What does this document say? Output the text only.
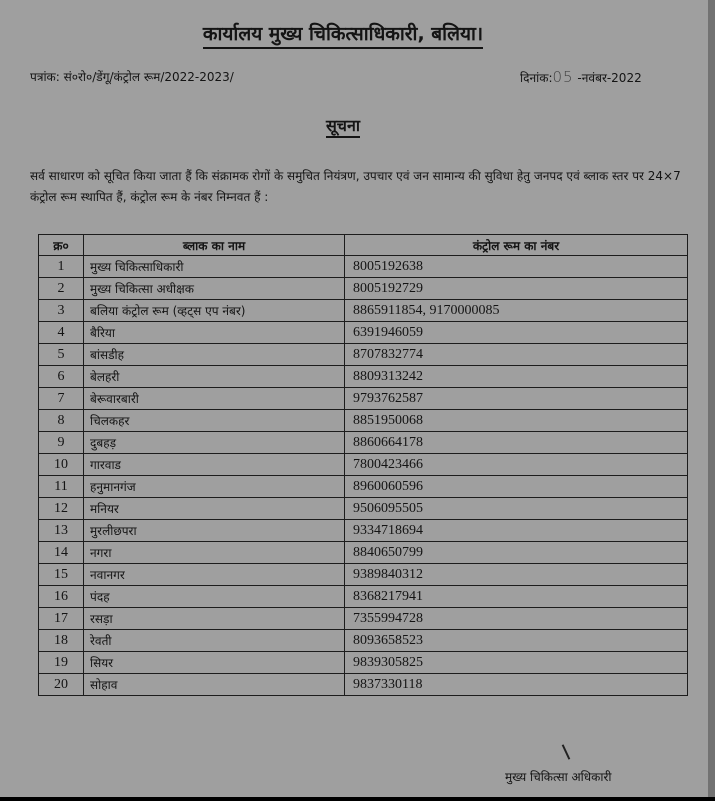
कार्यालय मुख्य चिकित्साधिकारी, बलिया।
पत्रांक: सं०रो०/डेंगू/कंट्रोल रूम/2022-2023/	दिनांक:05 -नवंबर-2022
सूचना
सर्व साधारण को सूचित किया जाता हैं कि संक्रामक रोगों के समुचित नियंत्रण, उपचार एवं जन सामान्य की सुविधा हेतु जनपद एवं ब्लाक स्तर पर 24×7 कंट्रोल रूम स्थापित हैं, कंट्रोल रूम के नंबर निम्नवत हैं :
क्र०	ब्लाक का नाम	कंट्रोल रूम का नंबर
1	मुख्य चिकित्साधिकारी	8005192638
2	मुख्य चिकित्सा अधीक्षक	8005192729
3	बलिया कंट्रोल रूम (व्हट्स एप नंबर)	8865911854, 9170000085
4	बैरिया	6391946059
5	बांसडीह	8707832774
6	बेलहरी	8809313242
7	बेरूवारबारी	9793762587
8	चिलकहर	8851950068
9	दुबहड़	8860664178
10	गारवाड	7800423466
11	हनुमानगंज	8960060596
12	मनियर	9506095505
13	मुरलीछपरा	9334718694
14	नगरा	8840650799
15	नवानगर	9389840312
16	पंदह	8368217941
17	रसड़ा	7355994728
18	रेवती	8093658523
19	सियर	9839305825
20	सोहाव	9837330118
मुख्य चिकित्सा अधिकारी
